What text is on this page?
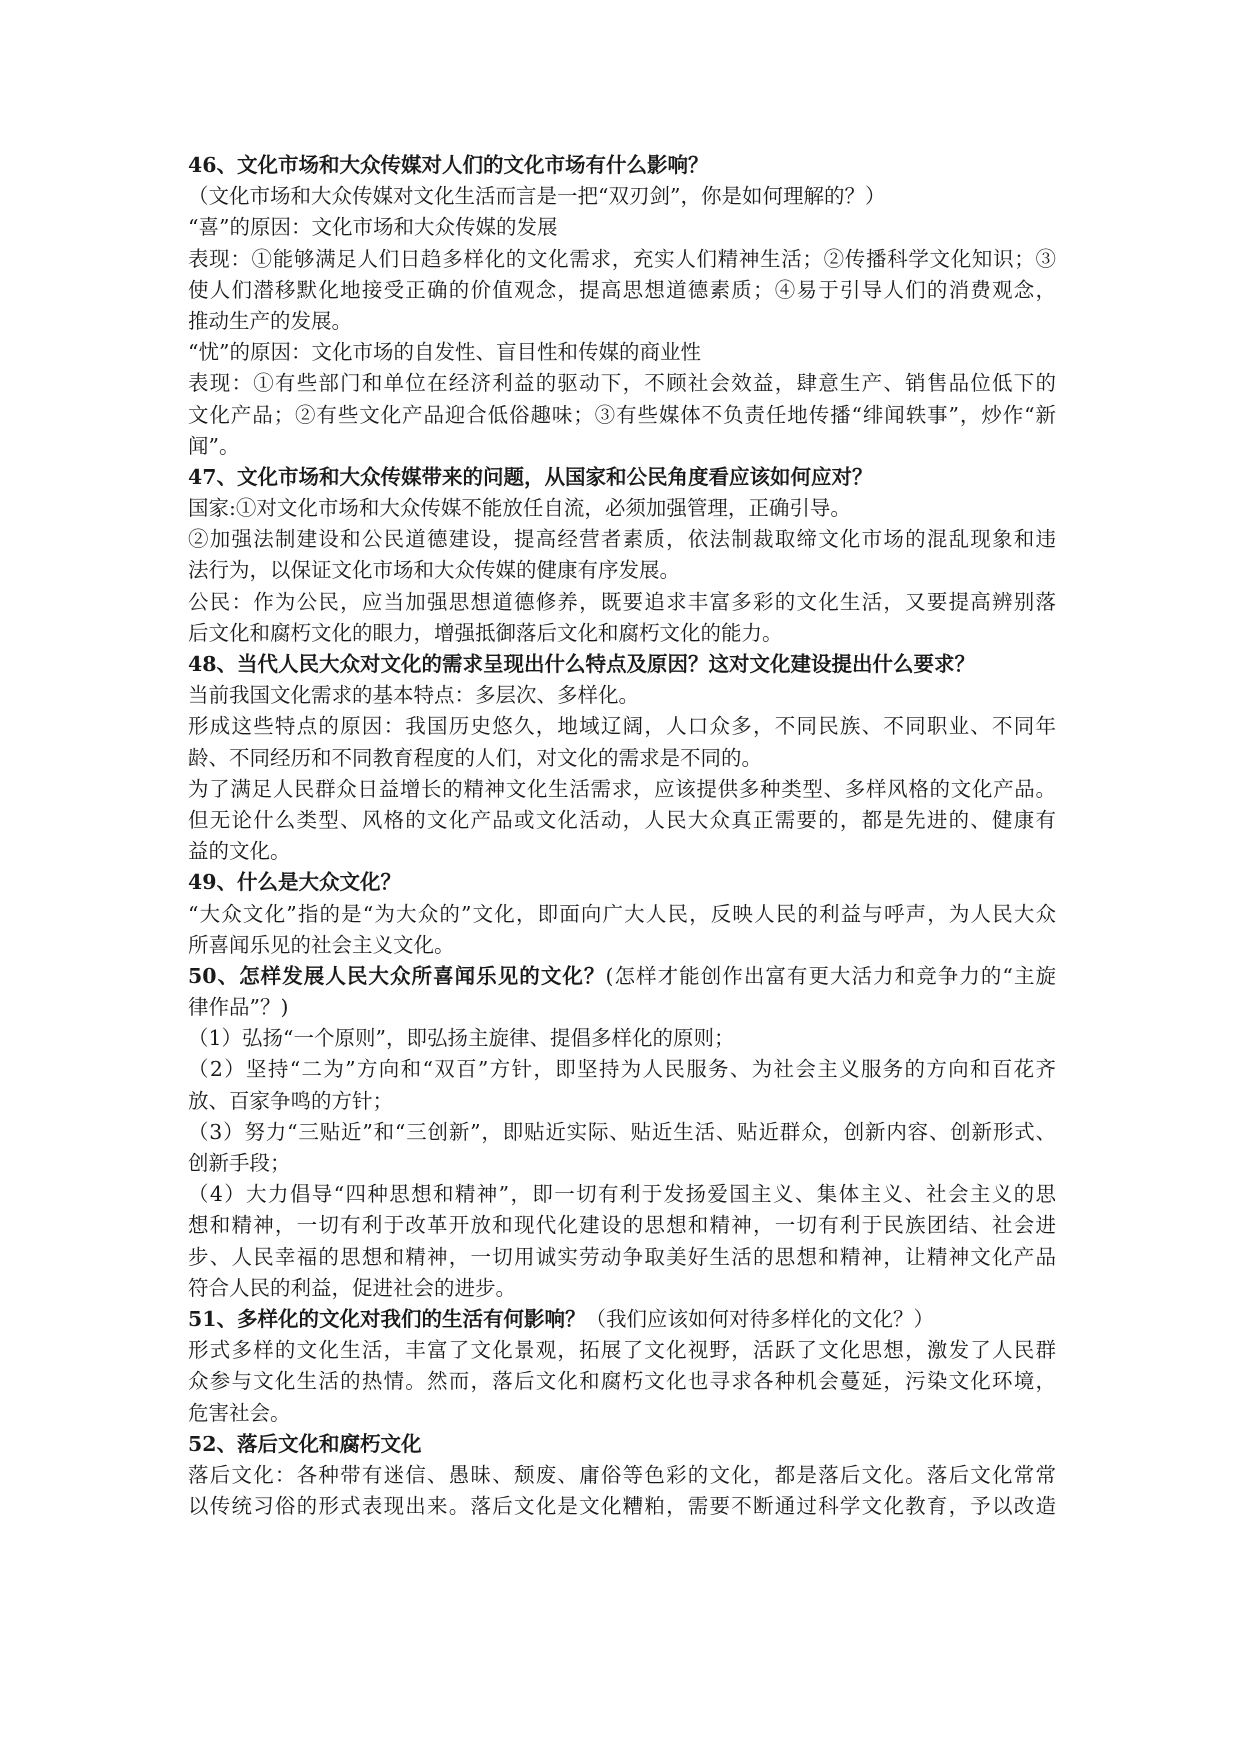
46、文化市场和大众传媒对人们的文化市场有什么影响？
（文化市场和大众传媒对文化生活而言是一把“双刃剑”，你是如何理解的？）
“喜”的原因：文化市场和大众传媒的发展
表现：①能够满足人们日趋多样化的文化需求，充实人们精神生活；②传播科学文化知识；③
使人们潜移默化地接受正确的价值观念，提高思想道德素质；④易于引导人们的消费观念，
推动生产的发展。
“忧”的原因：文化市场的自发性、盲目性和传媒的商业性
表现：①有些部门和单位在经济利益的驱动下，不顾社会效益，肆意生产、销售品位低下的
文化产品；②有些文化产品迎合低俗趣味；③有些媒体不负责任地传播“绯闻轶事”，炒作“新
闻”。
47、文化市场和大众传媒带来的问题，从国家和公民角度看应该如何应对？
国家:①对文化市场和大众传媒不能放任自流，必须加强管理，正确引导。
②加强法制建设和公民道德建设，提高经营者素质，依法制裁取缔文化市场的混乱现象和违
法行为，以保证文化市场和大众传媒的健康有序发展。
公民：作为公民，应当加强思想道德修养，既要追求丰富多彩的文化生活，又要提高辨别落
后文化和腐朽文化的眼力，增强抵御落后文化和腐朽文化的能力。
48、当代人民大众对文化的需求呈现出什么特点及原因？这对文化建设提出什么要求？
当前我国文化需求的基本特点：多层次、多样化。
形成这些特点的原因：我国历史悠久，地域辽阔，人口众多，不同民族、不同职业、不同年
龄、不同经历和不同教育程度的人们，对文化的需求是不同的。
为了满足人民群众日益增长的精神文化生活需求，应该提供多种类型、多样风格的文化产品。
但无论什么类型、风格的文化产品或文化活动，人民大众真正需要的，都是先进的、健康有
益的文化。
49、什么是大众文化？
“大众文化”指的是“为大众的”文化，即面向广大人民，反映人民的利益与呼声，为人民大众
所喜闻乐见的社会主义文化。
50、怎样发展人民大众所喜闻乐见的文化？(怎样才能创作出富有更大活力和竞争力的“主旋
律作品”？)
（1）弘扬“一个原则”，即弘扬主旋律、提倡多样化的原则；
（2）坚持“二为”方向和“双百”方针，即坚持为人民服务、为社会主义服务的方向和百花齐
放、百家争鸣的方针；
（3）努力“三贴近”和“三创新”，即贴近实际、贴近生活、贴近群众，创新内容、创新形式、
创新手段；
（4）大力倡导“四种思想和精神”，即一切有利于发扬爱国主义、集体主义、社会主义的思
想和精神，一切有利于改革开放和现代化建设的思想和精神，一切有利于民族团结、社会进
步、人民幸福的思想和精神，一切用诚实劳动争取美好生活的思想和精神，让精神文化产品
符合人民的利益，促进社会的进步。
51、多样化的文化对我们的生活有何影响？（我们应该如何对待多样化的文化？）
形式多样的文化生活，丰富了文化景观，拓展了文化视野，活跃了文化思想，激发了人民群
众参与文化生活的热情。然而，落后文化和腐朽文化也寻求各种机会蔓延，污染文化环境，
危害社会。
52、落后文化和腐朽文化
落后文化：各种带有迷信、愚昧、颓废、庸俗等色彩的文化，都是落后文化。落后文化常常
以传统习俗的形式表现出来。落后文化是文化糟粕，需要不断通过科学文化教育，予以改造
